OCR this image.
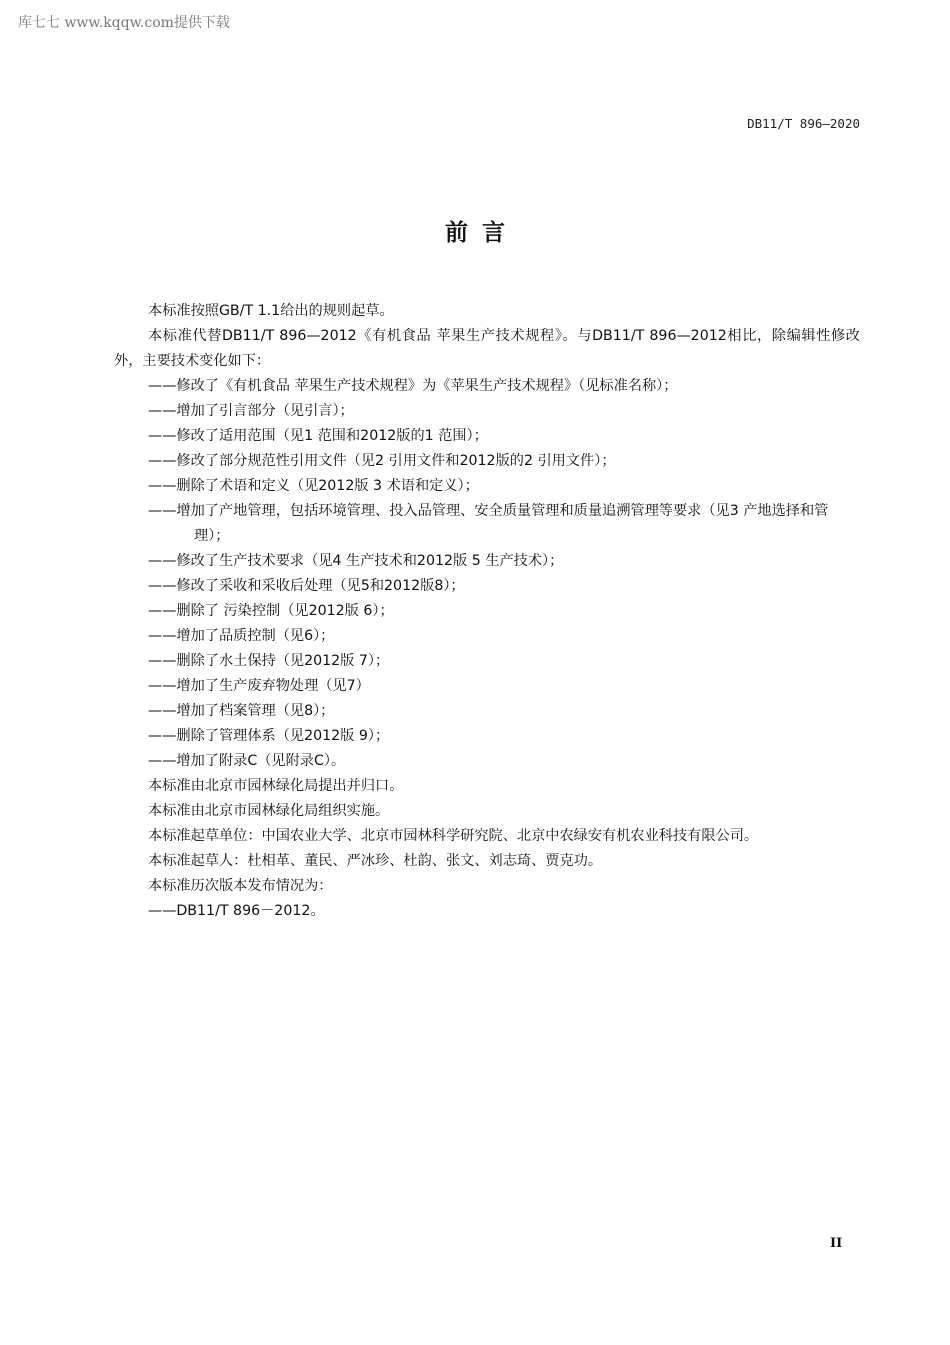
库七七 www.kqqw.com提供下载
DB11/T 896—2020
前言

本标准按照GB/T 1.1给出的规则起草。

本标准代替DB11/T 896—2012《有机食品 苹果生产技术规程》。与DB11/T 896—2012相比，除编辑性修改外，主要技术变化如下：

——修改了《有机食品 苹果生产技术规程》为《苹果生产技术规程》（见标准名称）；

——增加了引言部分（见引言）；

——修改了适用范围（见1 范围和2012版的1 范围）；

——修改了部分规范性引用文件（见2 引用文件和2012版的2 引用文件）；

——删除了术语和定义（见2012版 3 术语和定义）；

——增加了产地管理，包括环境管理、投入品管理、安全质量管理和质量追溯管理等要求（见3 产地选择和管理）；

——修改了生产技术要求（见4 生产技术和2012版 5 生产技术）；

——修改了采收和采收后处理（见5和2012版8）；

——删除了 污染控制（见2012版 6）；

——增加了品质控制（见6）；

——删除了水土保持（见2012版 7）；

——增加了生产废弃物处理（见7）

——增加了档案管理（见8）；

——删除了管理体系（见2012版 9）；

——增加了附录C（见附录C）。

本标准由北京市园林绿化局提出并归口。

本标准由北京市园林绿化局组织实施。

本标准起草单位：中国农业大学、北京市园林科学研究院、北京中农绿安有机农业科技有限公司。

本标准起草人：杜相革、董民、严冰珍、杜韵、张文、刘志琦、贾克功。

本标准历次版本发布情况为：

——DB11/T 896－2012。

II
